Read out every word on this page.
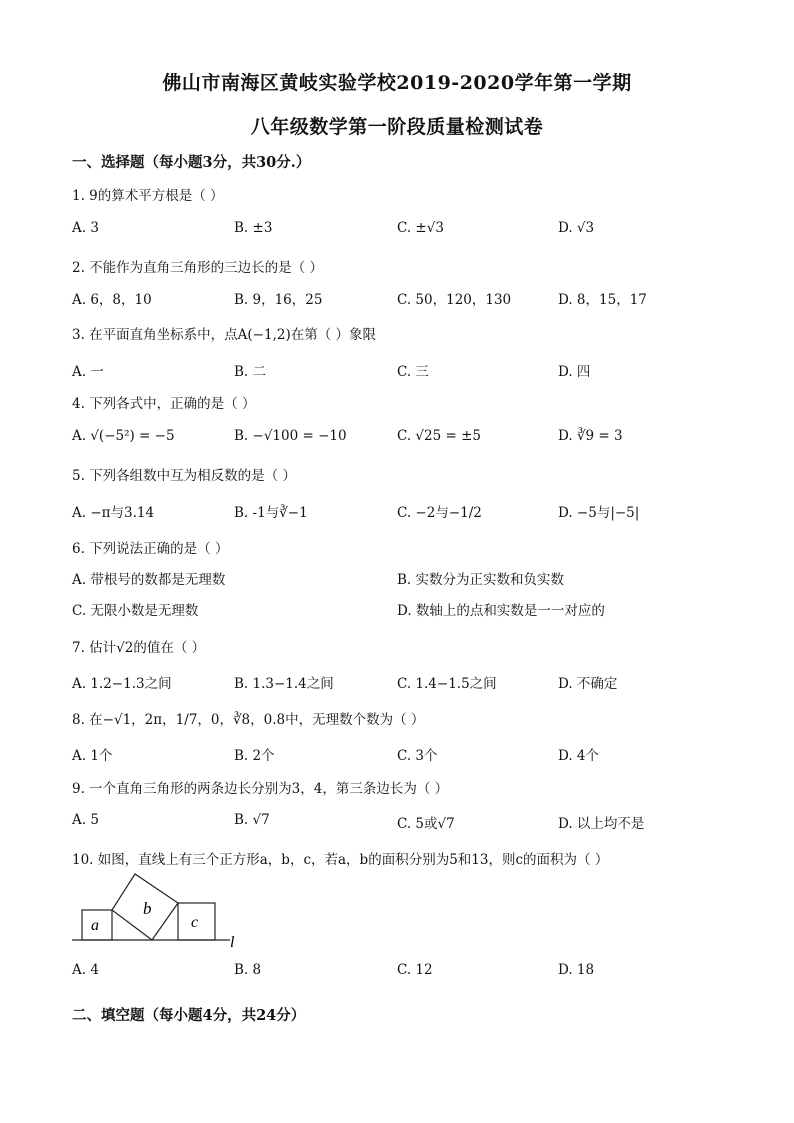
佛山市南海区黄岐实验学校2019-2020学年第一学期
八年级数学第一阶段质量检测试卷
一、选择题（每小题3分，共30分.）
1. 9的算术平方根是（ ）
A. 3	B. ±3	C. ±√3	D. √3
2. 不能作为直角三角形的三边长的是（ ）
A. 6，8，10	B. 9，16，25	C. 50，120，130	D. 8，15，17
3. 在平面直角坐标系中，点A(−1,2)在第（ ）象限
A. 一	B. 二	C. 三	D. 四
4. 下列各式中，正确的是（ ）
A. √(−5²) = −5	B. −√100 = −10	C. √25 = ±5	D. ∛9 = 3
5. 下列各组数中互为相反数的是（ ）
A. −π与3.14	B. -1与∛−1	C. −2与−1/2	D. −5与|−5|
6. 下列说法正确的是（ ）
A. 带根号的数都是无理数	B. 实数分为正实数和负实数
C. 无限小数是无理数	D. 数轴上的点和实数是一一对应的
7. 估计√2的值在（ ）
A. 1.2−1.3之间	B. 1.3−1.4之间	C. 1.4−1.5之间	D. 不确定
8. 在−√1，2π，1/7，0，∛8，0.8中，无理数个数为（ ）
A. 1个	B. 2个	C. 3个	D. 4个
9. 一个直角三角形的两条边长分别为3，4，第三条边长为（ ）
A. 5	B. √7	C. 5或√7	D. 以上均不是
10. 如图，直线上有三个正方形a，b，c，若a，b的面积分别为5和13，则c的面积为（ ）
a
b
c
l
A. 4	B. 8	C. 12	D. 18
二、填空题（每小题4分，共24分）
